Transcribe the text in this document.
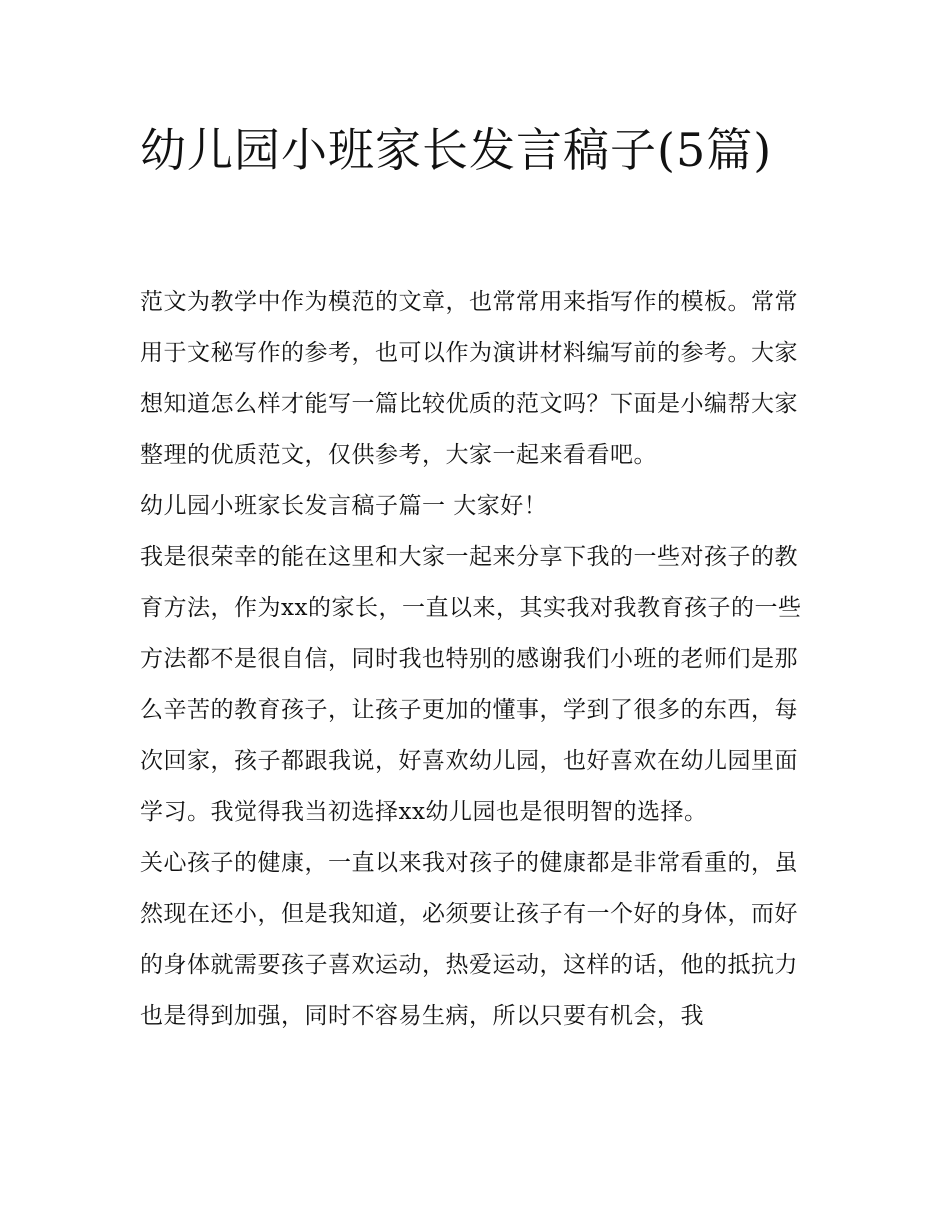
幼儿园小班家长发言稿子(5篇)

范文为教学中作为模范的文章，也常常用来指写作的模板。常常用于文秘写作的参考，也可以作为演讲材料编写前的参考。大家想知道怎么样才能写一篇比较优质的范文吗？下面是小编帮大家整理的优质范文，仅供参考，大家一起来看看吧。

幼儿园小班家长发言稿子篇一 大家好！

我是很荣幸的能在这里和大家一起来分享下我的一些对孩子的教育方法，作为xx的家长，一直以来，其实我对我教育孩子的一些方法都不是很自信，同时我也特别的感谢我们小班的老师们是那么辛苦的教育孩子，让孩子更加的懂事，学到了很多的东西，每次回家，孩子都跟我说，好喜欢幼儿园，也好喜欢在幼儿园里面学习。我觉得我当初选择xx幼儿园也是很明智的选择。

关心孩子的健康，一直以来我对孩子的健康都是非常看重的，虽然现在还小，但是我知道，必须要让孩子有一个好的身体，而好的身体就需要孩子喜欢运动，热爱运动，这样的话，他的抵抗力也是得到加强，同时不容易生病，所以只要有机会，我
